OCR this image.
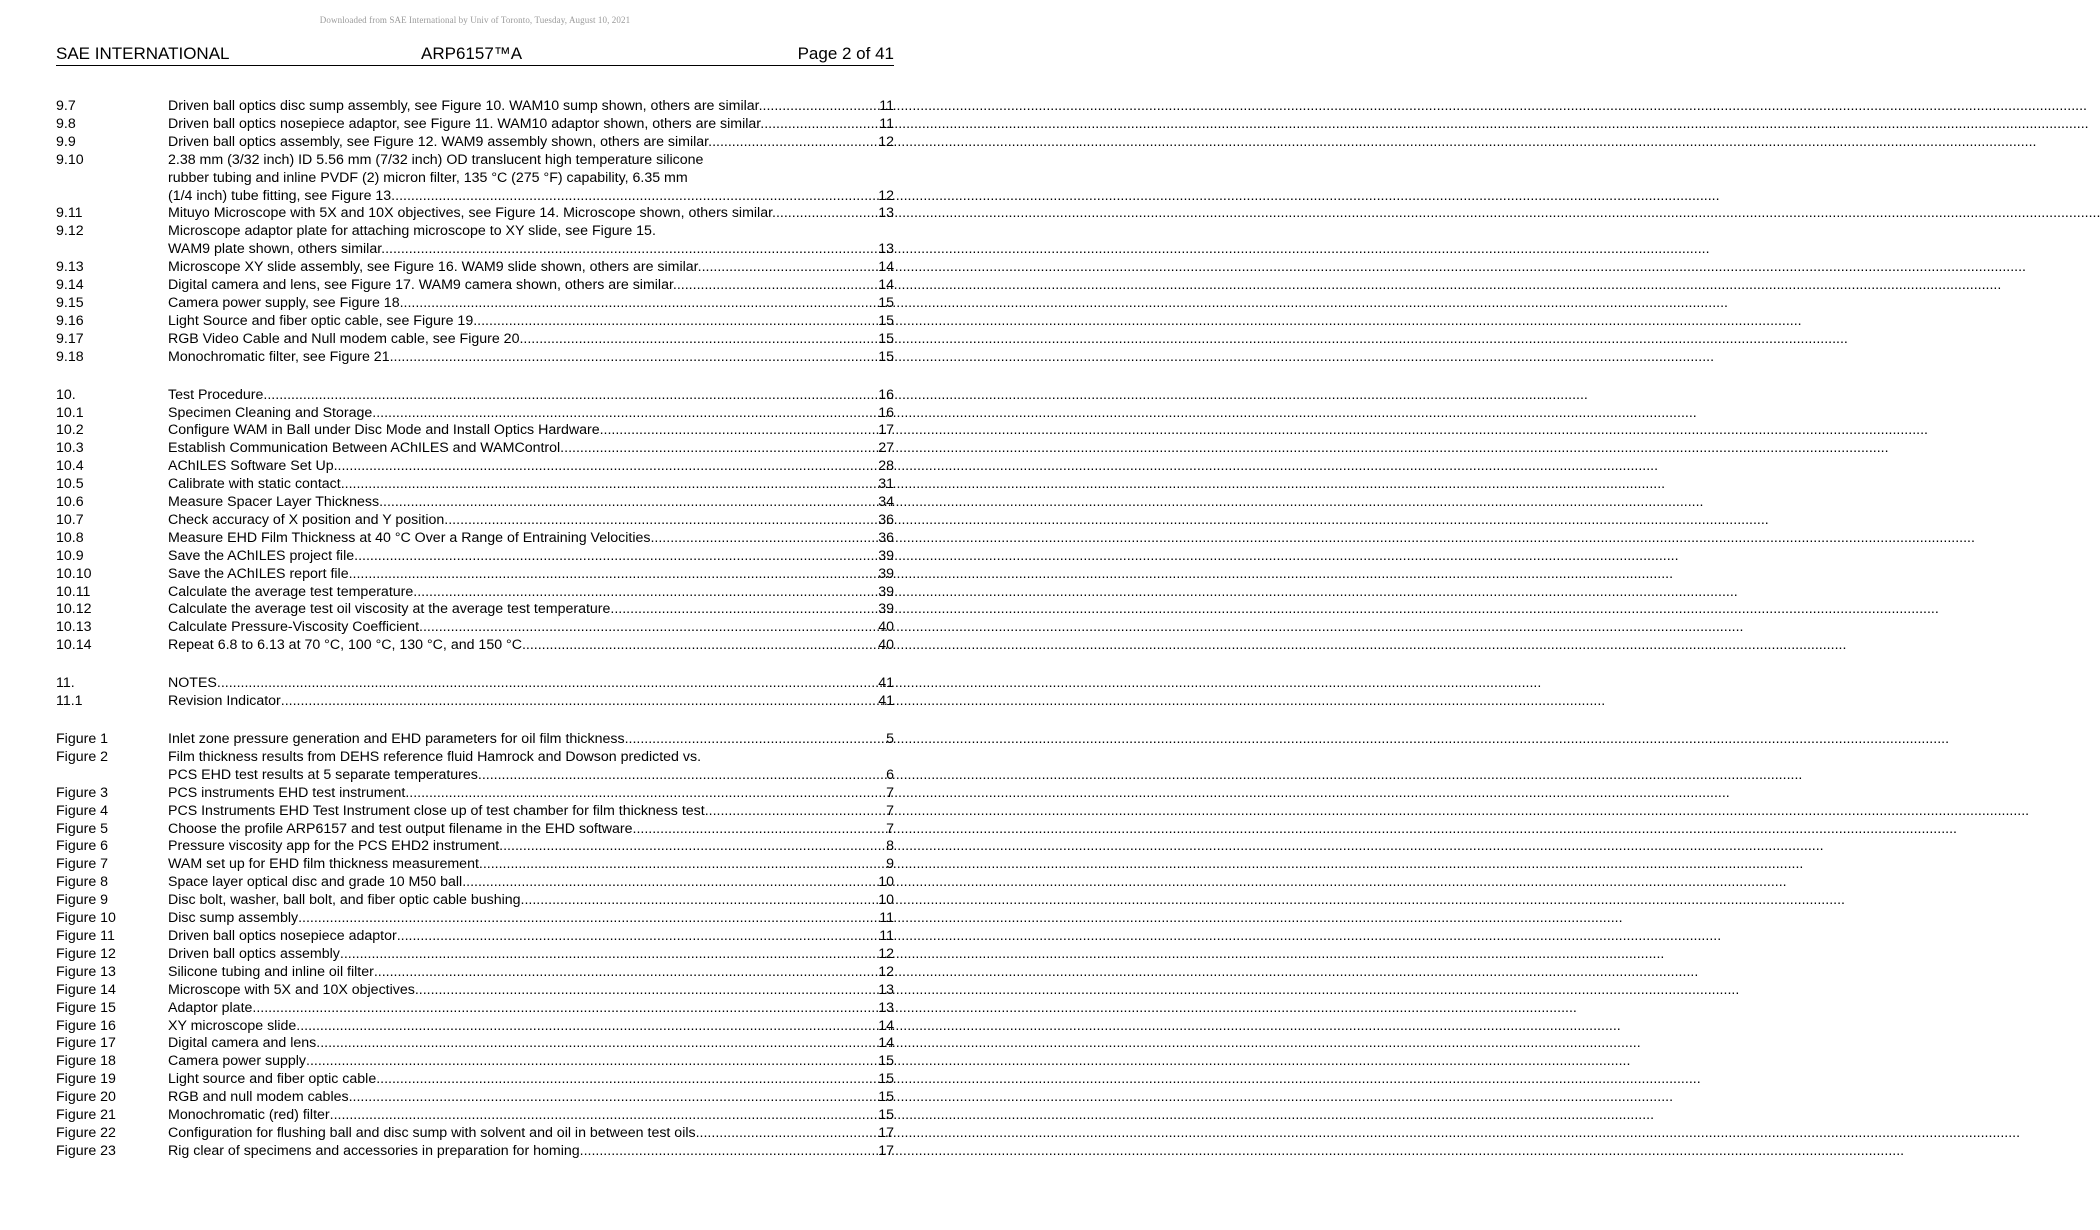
Downloaded from SAE International by Univ of Toronto, Tuesday, August 10, 2021
SAE INTERNATIONAL	ARP6157™A	Page 2 of 41
9.7	Driven ball optics disc sump assembly, see Figure 10. WAM10 sump shown, others are similar. .....	11
9.8	Driven ball optics nosepiece adaptor, see Figure 11. WAM10 adaptor shown, others are similar. .....	11
9.9	Driven ball optics assembly, see Figure 12. WAM9 assembly shown, others are similar. .....	12
9.10	2.38 mm (3/32 inch) ID 5.56 mm (7/32 inch) OD translucent high temperature silicone
rubber tubing and inline PVDF (2) micron filter, 135 °C (275 °F) capability, 6.35 mm
(1/4 inch) tube fitting, see Figure 13. .....	12
9.11	Mituyo Microscope with 5X and 10X objectives, see Figure 14. Microscope shown, others similar. .....	13
9.12	Microscope adaptor plate for attaching microscope to XY slide, see Figure 15.
WAM9 plate shown, others similar. .....	13
9.13	Microscope XY slide assembly, see Figure 16. WAM9 slide shown, others are similar. .....	14
9.14	Digital camera and lens, see Figure 17. WAM9 camera shown, others are similar. .....	14
9.15	Camera power supply, see Figure 18. .....	15
9.16	Light Source and fiber optic cable, see Figure 19. .....	15
9.17	RGB Video Cable and Null modem cable, see Figure 20. .....	15
9.18	Monochromatic filter, see Figure 21 .....	15
10.	Test Procedure .....	16
10.1	Specimen Cleaning and Storage .....	16
10.2	Configure WAM in Ball under Disc Mode and Install Optics Hardware. .....	17
10.3	Establish Communication Between AChILES and WAMControl. .....	27
10.4	AChILES Software Set Up .....	28
10.5	Calibrate with static contact .....	31
10.6	Measure Spacer Layer Thickness .....	34
10.7	Check accuracy of X position and Y position .....	36
10.8	Measure EHD Film Thickness at 40 °C Over a Range of Entraining Velocities .....	36
10.9	Save the AChILES project file .....	39
10.10	Save the AChILES report file .....	39
10.11	Calculate the average test temperature .....	39
10.12	Calculate the average test oil viscosity at the average test temperature. .....	39
10.13	Calculate Pressure-Viscosity Coefficient .....	40
10.14	Repeat 6.8 to 6.13 at 70 °C, 100 °C, 130 °C, and 150 °C .....	40
11.	NOTES .....	41
11.1	Revision Indicator .....	41
Figure 1	Inlet zone pressure generation and EHD parameters for oil film thickness .....	5
Figure 2	Film thickness results from DEHS reference fluid Hamrock and Dowson predicted vs.
PCS EHD test results at 5 separate temperatures .....	6
Figure 3	PCS instruments EHD test instrument .....	7
Figure 4	PCS Instruments EHD Test Instrument close up of test chamber for film thickness test .....	7
Figure 5	Choose the profile ARP6157 and test output filename in the EHD software .....	7
Figure 6	Pressure viscosity app for the PCS EHD2 instrument .....	8
Figure 7	WAM set up for EHD film thickness measurement .....	9
Figure 8	Space layer optical disc and grade 10 M50 ball .....	10
Figure 9	Disc bolt, washer, ball bolt, and fiber optic cable bushing .....	10
Figure 10	Disc sump assembly .....	11
Figure 11	Driven ball optics nosepiece adaptor .....	11
Figure 12	Driven ball optics assembly .....	12
Figure 13	Silicone tubing and inline oil filter .....	12
Figure 14	Microscope with 5X and 10X objectives .....	13
Figure 15	Adaptor plate .....	13
Figure 16	XY microscope slide .....	14
Figure 17	Digital camera and lens .....	14
Figure 18	Camera power supply .....	15
Figure 19	Light source and fiber optic cable .....	15
Figure 20	RGB and null modem cables .....	15
Figure 21	Monochromatic (red) filter .....	15
Figure 22	Configuration for flushing ball and disc sump with solvent and oil in between test oils .....	17
Figure 23	Rig clear of specimens and accessories in preparation for homing .....	17
